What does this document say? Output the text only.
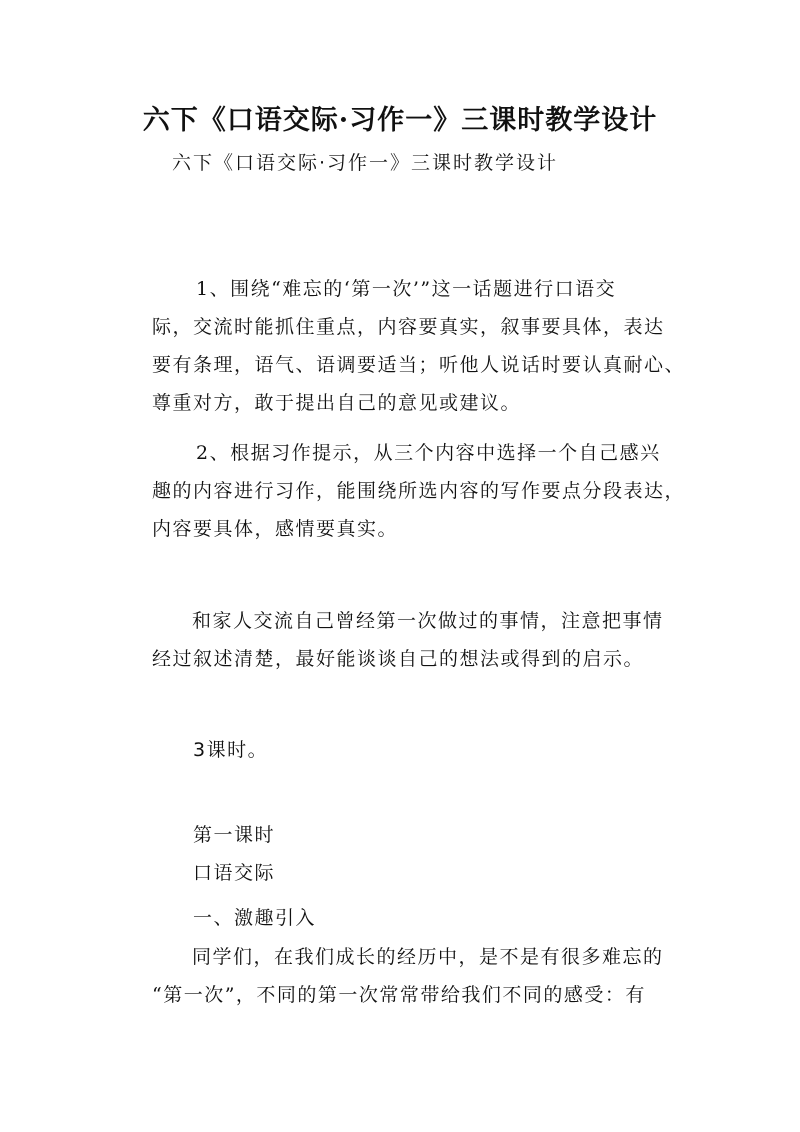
六下《口语交际·习作一》三课时教学设计
六下《口语交际·习作一》三课时教学设计
1、围绕“难忘的‘第一次’”这一话题进行口语交
际，交流时能抓住重点，内容要真实，叙事要具体，表达
要有条理，语气、语调要适当；听他人说话时要认真耐心、
尊重对方，敢于提出自己的意见或建议。
2、根据习作提示，从三个内容中选择一个自己感兴
趣的内容进行习作，能围绕所选内容的写作要点分段表达，
内容要具体，感情要真实。
和家人交流自己曾经第一次做过的事情，注意把事情
经过叙述清楚，最好能谈谈自己的想法或得到的启示。
3课时。
第一课时
口语交际
一、激趣引入
同学们，在我们成长的经历中，是不是有很多难忘的
“第一次”，不同的第一次常常带给我们不同的感受：有
